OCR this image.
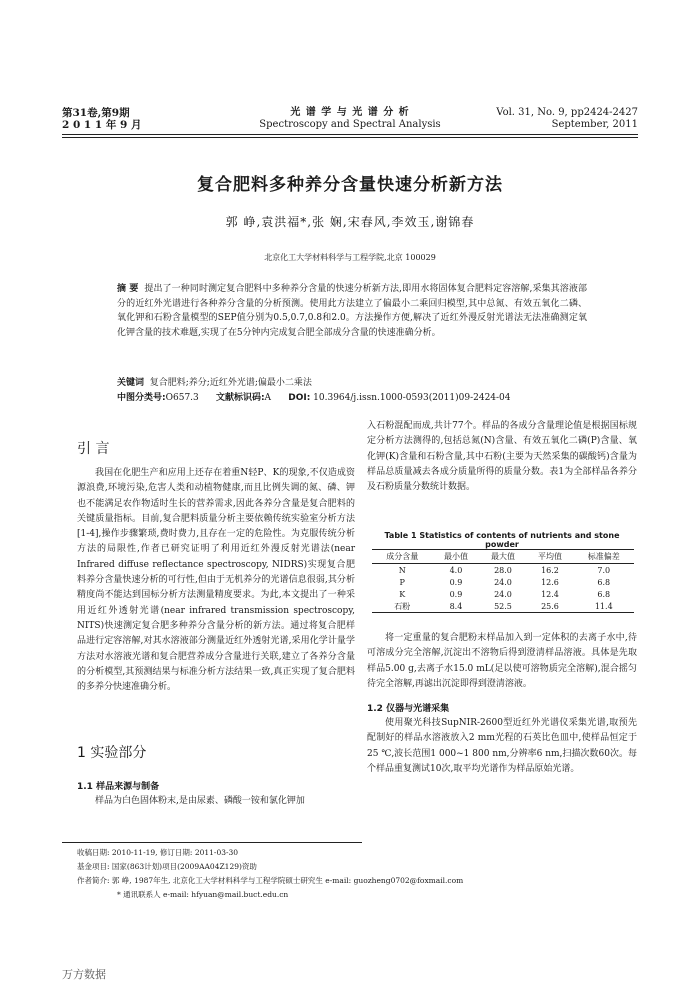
第31卷,第9期
2 0 1 1 年 9 月
光 谱 学 与 光 谱 分 析
Spectroscopy and Spectral Analysis
Vol. 31, No. 9, pp2424-2427
September, 2011
复合肥料多种养分含量快速分析新方法
郭 峥,袁洪福*,张 娴,宋春风,李效玉,谢锦春
北京化工大学材料科学与工程学院,北京 100029
摘 要 提出了一种同时测定复合肥料中多种养分含量的快速分析新方法,即用水将固体复合肥料定容溶解,采集其溶液部分的近红外光谱进行各种养分含量的分析预测。使用此方法建立了偏最小二乘回归模型,其中总氮、有效五氧化二磷、氧化钾和石粉含量模型的SEP值分别为0.5,0.7,0.8和2.0。方法操作方便,解决了近红外漫反射光谱法无法准确测定氧化钾含量的技术难题,实现了在5分钟内完成复合肥全部成分含量的快速准确分析。
关键词 复合肥料;养分;近红外光谱;偏最小二乘法
中图分类号:O657.3 文献标识码:A DOI: 10.3964/j.issn.1000-0593(2011)09-2424-04
引 言
我国在化肥生产和应用上还存在着重N轻P、K的现象,不仅造成资源浪费,环境污染,危害人类和动植物健康,而且比例失调的氮、磷、钾也不能满足农作物适时生长的营养需求,因此各养分含量是复合肥料的关键质量指标。目前,复合肥料质量分析主要依赖传统实验室分析方法[1-4],操作步骤繁琐,费时费力,且存在一定的危险性。为克服传统分析方法的局限性,作者已研究证明了利用近红外漫反射光谱法(near Infrared diffuse reflectance spectroscopy, NIDRS)实现复合肥料养分含量快速分析的可行性,但由于无机养分的光谱信息很弱,其分析精度尚不能达到国标分析方法测量精度要求。为此,本文提出了一种采用近红外透射光谱(near infrared transmission spectroscopy, NITS)快速测定复合肥多种养分含量分析的新方法。通过将复合肥样品进行定容溶解,对其水溶液部分测量近红外透射光谱,采用化学计量学方法对水溶液光谱和复合肥营养成分含量进行关联,建立了各养分含量的分析模型,其预测结果与标准分析方法结果一致,真正实现了复合肥料的多养分快速准确分析。
1 实验部分
1.1 样品来源与制备
样品为白色固体粉末,是由尿素、磷酸一铵和氯化钾加
入石粉混配而成,共计77个。样品的各成分含量理论值是根据国标规定分析方法测得的,包括总氮(N)含量、有效五氧化二磷(P)含量、氧化钾(K)含量和石粉含量,其中石粉(主要为天然采集的碳酸钙)含量为样品总质量减去各成分质量所得的质量分数。表1为全部样品各养分及石粉质量分数统计数据。
Table 1 Statistics of contents of nutrients and stone powder
成分含量	最小值	最大值	平均值	标准偏差
N	4.0	28.0	16.2	7.0
P	0.9	24.0	12.6	6.8
K	0.9	24.0	12.4	6.8
石粉	8.4	52.5	25.6	11.4
将一定重量的复合肥粉末样品加入到一定体积的去离子水中,待可溶成分完全溶解,沉淀出不溶物后得到澄清样品溶液。具体是先取样品5.00 g,去离子水15.0 mL(足以使可溶物质完全溶解),混合摇匀待完全溶解,再滤出沉淀即得到澄清溶液。
1.2 仪器与光谱采集
使用聚光科技SupNIR-2600型近红外光谱仪采集光谱,取预先配制好的样品水溶液放入2 mm光程的石英比色皿中,使样品恒定于25 ℃,波长范围1 000~1 800 nm,分辨率6 nm,扫描次数60次。每个样品重复测试10次,取平均光谱作为样品原始光谱。
收稿日期: 2010-11-19, 修订日期: 2011-03-30
基金项目: 国家(863计划)项目(2009AA04Z129)资助
作者简介: 郭 峥, 1987年生, 北京化工大学材料科学与工程学院硕士研究生 e-mail: guozheng0702@foxmail.com
* 通讯联系人 e-mail: hfyuan@mail.buct.edu.cn
万方数据
